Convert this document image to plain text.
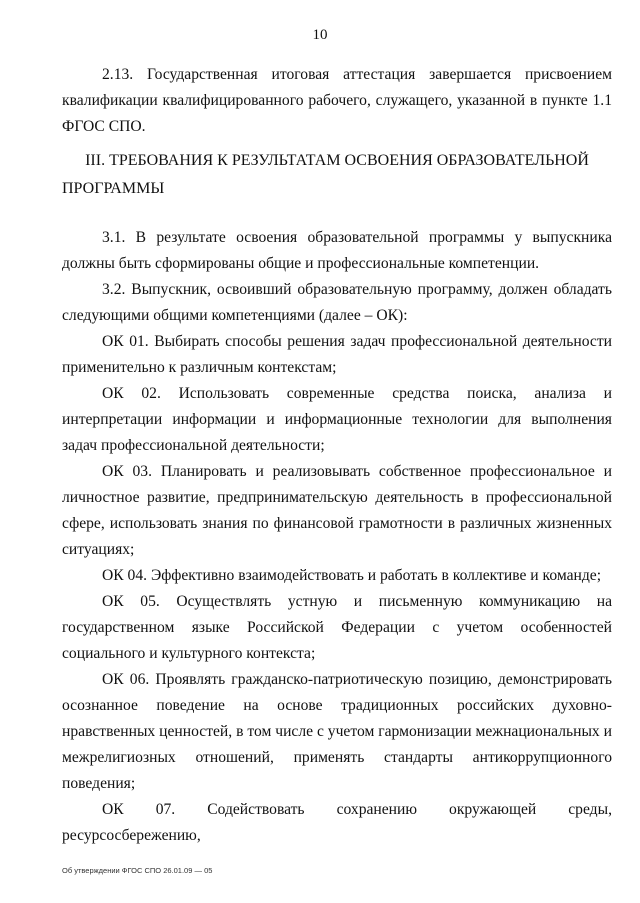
10

2.13. Государственная итоговая аттестация завершается присвоением квалификации квалифицированного рабочего, служащего, указанной в пункте 1.1 ФГОС СПО.

III. ТРЕБОВАНИЯ К РЕЗУЛЬТАТАМ ОСВОЕНИЯ ОБРАЗОВАТЕЛЬНОЙ ПРОГРАММЫ

3.1. В результате освоения образовательной программы у выпускника должны быть сформированы общие и профессиональные компетенции.

3.2. Выпускник, освоивший образовательную программу, должен обладать следующими общими компетенциями (далее – ОК):

ОК 01. Выбирать способы решения задач профессиональной деятельности применительно к различным контекстам;

ОК 02. Использовать современные средства поиска, анализа и интерпретации информации и информационные технологии для выполнения задач профессиональной деятельности;

ОК 03. Планировать и реализовывать собственное профессиональное и личностное развитие, предпринимательскую деятельность в профессиональной сфере, использовать знания по финансовой грамотности в различных жизненных ситуациях;

ОК 04. Эффективно взаимодействовать и работать в коллективе и команде;

ОК 05. Осуществлять устную и письменную коммуникацию на государственном языке Российской Федерации с учетом особенностей социального и культурного контекста;

ОК 06. Проявлять гражданско-патриотическую позицию, демонстрировать осознанное поведение на основе традиционных российских духовно-нравственных ценностей, в том числе с учетом гармонизации межнациональных и межрелигиозных отношений, применять стандарты антикоррупционного поведения;

ОК 07. Содействовать сохранению окружающей среды, ресурсосбережению,

Об утверждении ФГОС СПО 26.01.09 — 05
